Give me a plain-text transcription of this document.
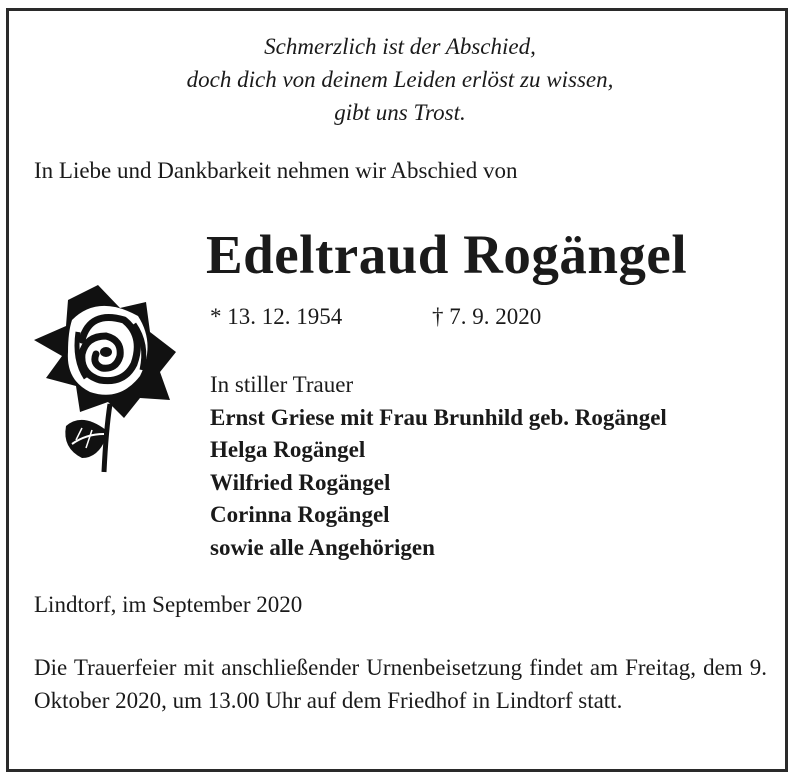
Schmerzlich ist der Abschied,
doch dich von deinem Leiden erlöst zu wissen,
gibt uns Trost.
In Liebe und Dankbarkeit nehmen wir Abschied von
Edeltraud Rogängel
* 13. 12. 1954	† 7. 9. 2020
In stiller Trauer
Ernst Griese mit Frau Brunhild geb. Rogängel
Helga Rogängel
Wilfried Rogängel
Corinna Rogängel
sowie alle Angehörigen
Lindtorf, im September 2020
Die Trauerfeier mit anschließender Urnenbeisetzung findet am Freitag, dem 9. Oktober 2020, um 13.00 Uhr auf dem Friedhof in Lindtorf statt.
